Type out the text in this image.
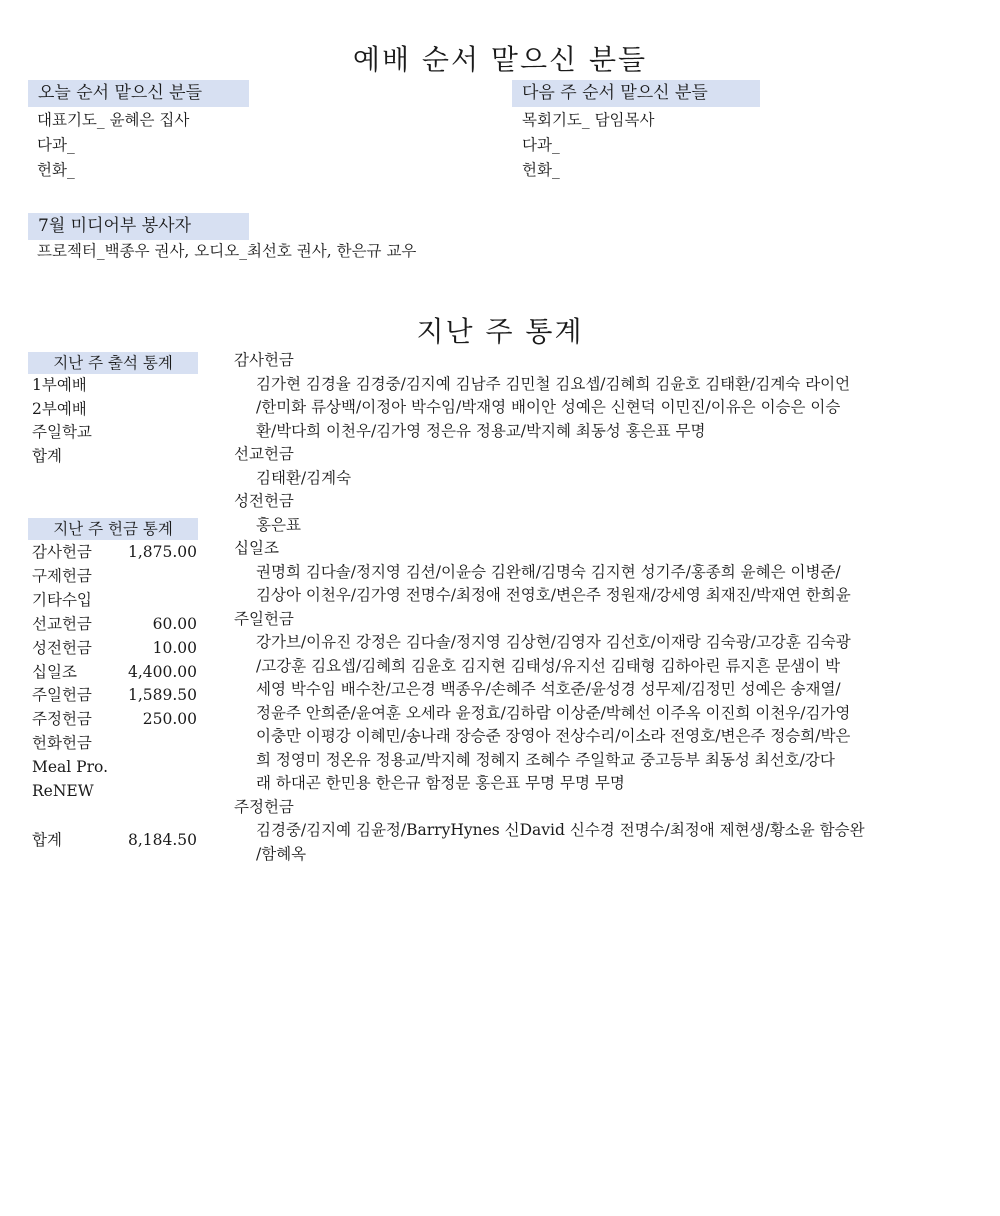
예배 순서 맡으신 분들
오늘 순서 맡으신 분들
대표기도_ 윤혜은 집사
다과_
헌화_
다음 주 순서 맡으신 분들
목회기도_ 담임목사
다과_
헌화_
7월 미디어부 봉사자
프로젝터_백종우 권사, 오디오_최선호 권사, 한은규 교우
지난 주 통계
지난 주 출석 통계
1부예배
2부예배
주일학교
합계
지난 주 헌금 통계
감사헌금 1,875.00
구제헌금
기타수입
선교헌금	60.00
성전헌금	10.00
십일조	4,400.00
주일헌금 1,589.50
주정헌금	250.00
헌화헌금
Meal Pro.
ReNEW
합계	8,184.50
감사헌금
김가현 김경율 김경중/김지예 김남주 김민철 김요셉/김혜희 김윤호 김태환/김계숙 라이언
/한미화 류상백/이정아 박수임/박재영 배이안 성예은 신현덕 이민진/이유은 이승은 이승
환/박다희 이천우/김가영 정은유 정용교/박지혜 최동성 홍은표 무명
선교헌금
김태환/김계숙
성전헌금
홍은표
십일조
권명희 김다솔/정지영 김션/이윤승 김완해/김명숙 김지현 성기주/홍종희 윤혜은 이병준/
김상아 이천우/김가영 전명수/최정애 전영호/변은주 정원재/강세영 최재진/박재연 한희윤
주일헌금
강가브/이유진 강정은 김다솔/정지영 김상현/김영자 김선호/이재랑 김숙광/고강훈 김숙광
/고강훈 김요셉/김혜희 김윤호 김지현 김태성/유지선 김태형 김하아린 류지흔 문샘이 박
세영 박수임 배수찬/고은경 백종우/손혜주 석호준/윤성경 성무제/김정민 성예은 송재열/
정윤주 안희준/윤여훈 오세라 윤정효/김하람 이상준/박혜선 이주옥 이진희 이천우/김가영
이충만 이평강 이혜민/송나래 장승준 장영아 전상수리/이소라 전영호/변은주 정승희/박은
희 정영미 정온유 정용교/박지혜 정혜지 조혜수 주일학교 중고등부 최동성 최선호/강다
래 하대곤 한민용 한은규 함정문 홍은표 무명 무명 무명
주정헌금
김경중/김지예 김윤정/BarryHynes 신David 신수경 전명수/최정애 제현생/황소윤 함승완
/함혜옥
